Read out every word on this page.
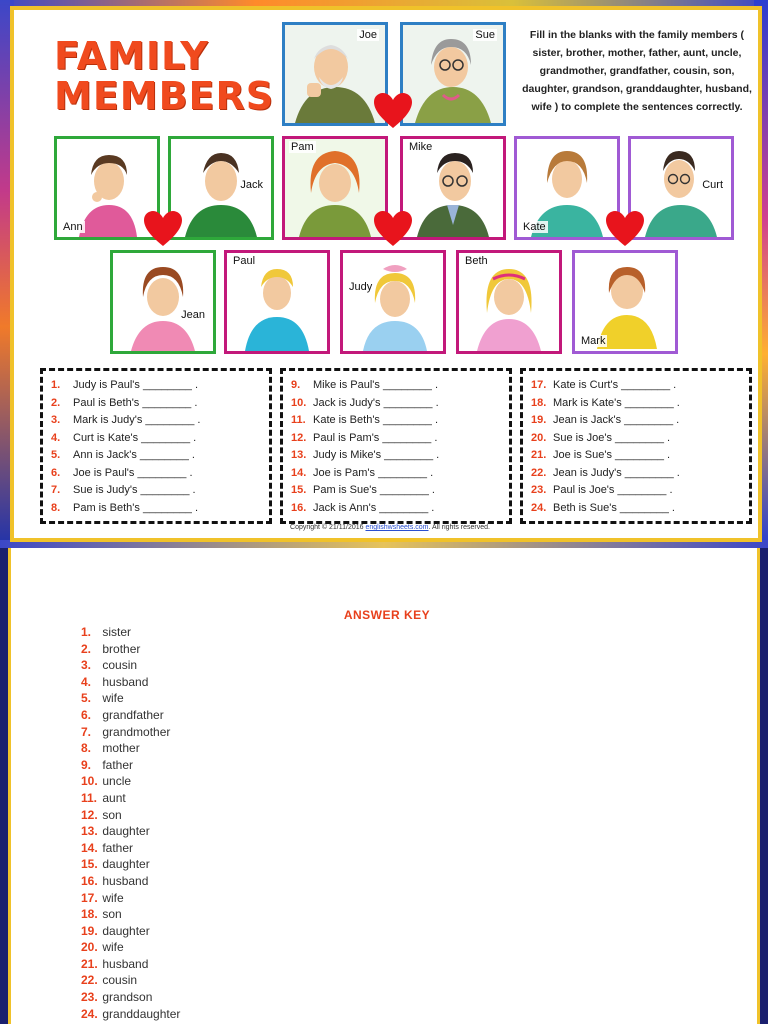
FAMILY
MEMBERS
Fill in the blanks with the family members ( sister, brother, mother, father, aunt, uncle, grandmother, grandfather, cousin, son, daughter, grandson, granddaughter, husband, wife ) to complete the sentences correctly.
Joe	Sue
Ann
Jack
Pam	Mike
Kate
Curt
Jean
Paul
Judy
Beth
Mark
1. Judy is Paul's ________ .
2. Paul is Beth's ________ .
3. Mark is Judy's ________ .
4. Curt is Kate's ________ .
5. Ann is Jack's ________ .
6. Joe is Paul's ________ .
7. Sue is Judy's ________ .
8. Pam is Beth's ________ .
9. Mike is Paul's ________ .
10. Jack is Judy's ________ .
11. Kate is Beth's ________ .
12. Paul is Pam's ________ .
13. Judy is Mike's ________ .
14. Joe is Pam's ________ .
15. Pam is Sue's ________ .
16. Jack is Ann's ________ .
17. Kate is Curt's ________ .
18. Mark is Kate's ________ .
19. Jean is Jack's ________ .
20. Sue is Joe's ________ .
21. Joe is Sue's ________ .
22. Jean is Judy's ________ .
23. Paul is Joe's ________ .
24. Beth is Sue's ________ .
Copyright © 21/11/2016 englishwsheets.com. All rights reserved.
ANSWER KEY
1. sister
2. brother
3. cousin
4. husband
5. wife
6. grandfather
7. grandmother
8. mother
9. father
10. uncle
11. aunt
12. son
13. daughter
14. father
15. daughter
16. husband
17. wife
18. son
19. daughter
20. wife
21. husband
22. cousin
23. grandson
24. granddaughter
